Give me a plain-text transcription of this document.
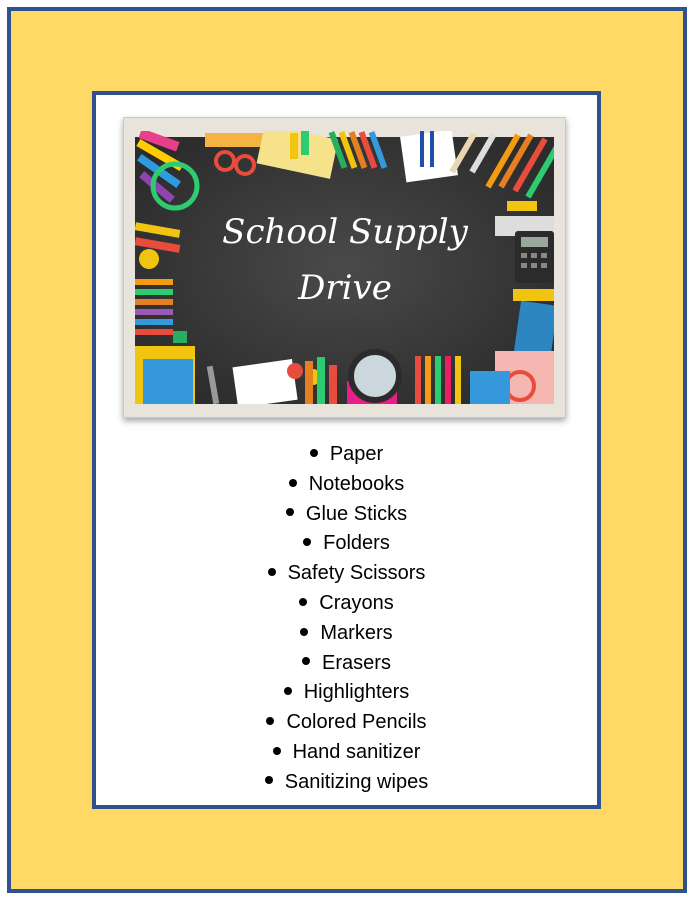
School Supply
Drive
Paper
Notebooks
Glue Sticks
Folders
Safety Scissors
Crayons
Markers
Erasers
Highlighters
Colored Pencils
Hand sanitizer
Sanitizing wipes
